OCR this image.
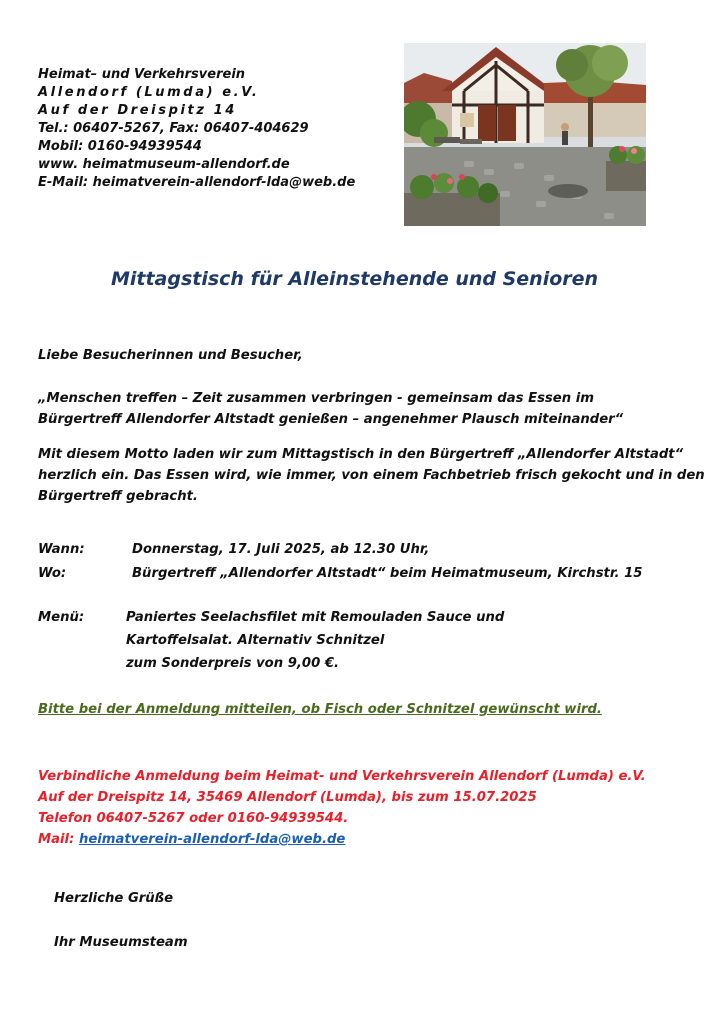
Heimat– und Verkehrsverein
Allendorf (Lumda) e.V.
Auf der Dreispitz 14
Tel.: 06407-5267, Fax: 06407-404629
Mobil: 0160-94939544
www. heimatmuseum-allendorf.de
E-Mail: heimatverein-allendorf-lda@web.de
Mittagstisch für Alleinstehende und Senioren
Liebe Besucherinnen und Besucher,
„Menschen treffen – Zeit zusammen verbringen - gemeinsam das Essen im
Bürgertreff Allendorfer Altstadt genießen – angenehmer Plausch miteinander“
Mit diesem Motto laden wir zum Mittagstisch in den Bürgertreff „Allendorfer Altstadt“
herzlich ein. Das Essen wird, wie immer, von einem Fachbetrieb frisch gekocht und in den
Bürgertreff gebracht.
Wann:	Donnerstag, 17. Juli 2025, ab 12.30 Uhr,
Wo:	Bürgertreff „Allendorfer Altstadt“ beim Heimatmuseum, Kirchstr. 15
Menü:	Paniertes Seelachsfilet mit Remouladen Sauce und
Kartoffelsalat. Alternativ Schnitzel
zum Sonderpreis von 9,00 €.
Bitte bei der Anmeldung mitteilen, ob Fisch oder Schnitzel gewünscht wird.
Verbindliche Anmeldung beim Heimat- und Verkehrsverein Allendorf (Lumda) e.V.
Auf der Dreispitz 14, 35469 Allendorf (Lumda), bis zum 15.07.2025
Telefon 06407-5267 oder 0160-94939544.
Mail: heimatverein-allendorf-lda@web.de
Herzliche Grüße
Ihr Museumsteam
